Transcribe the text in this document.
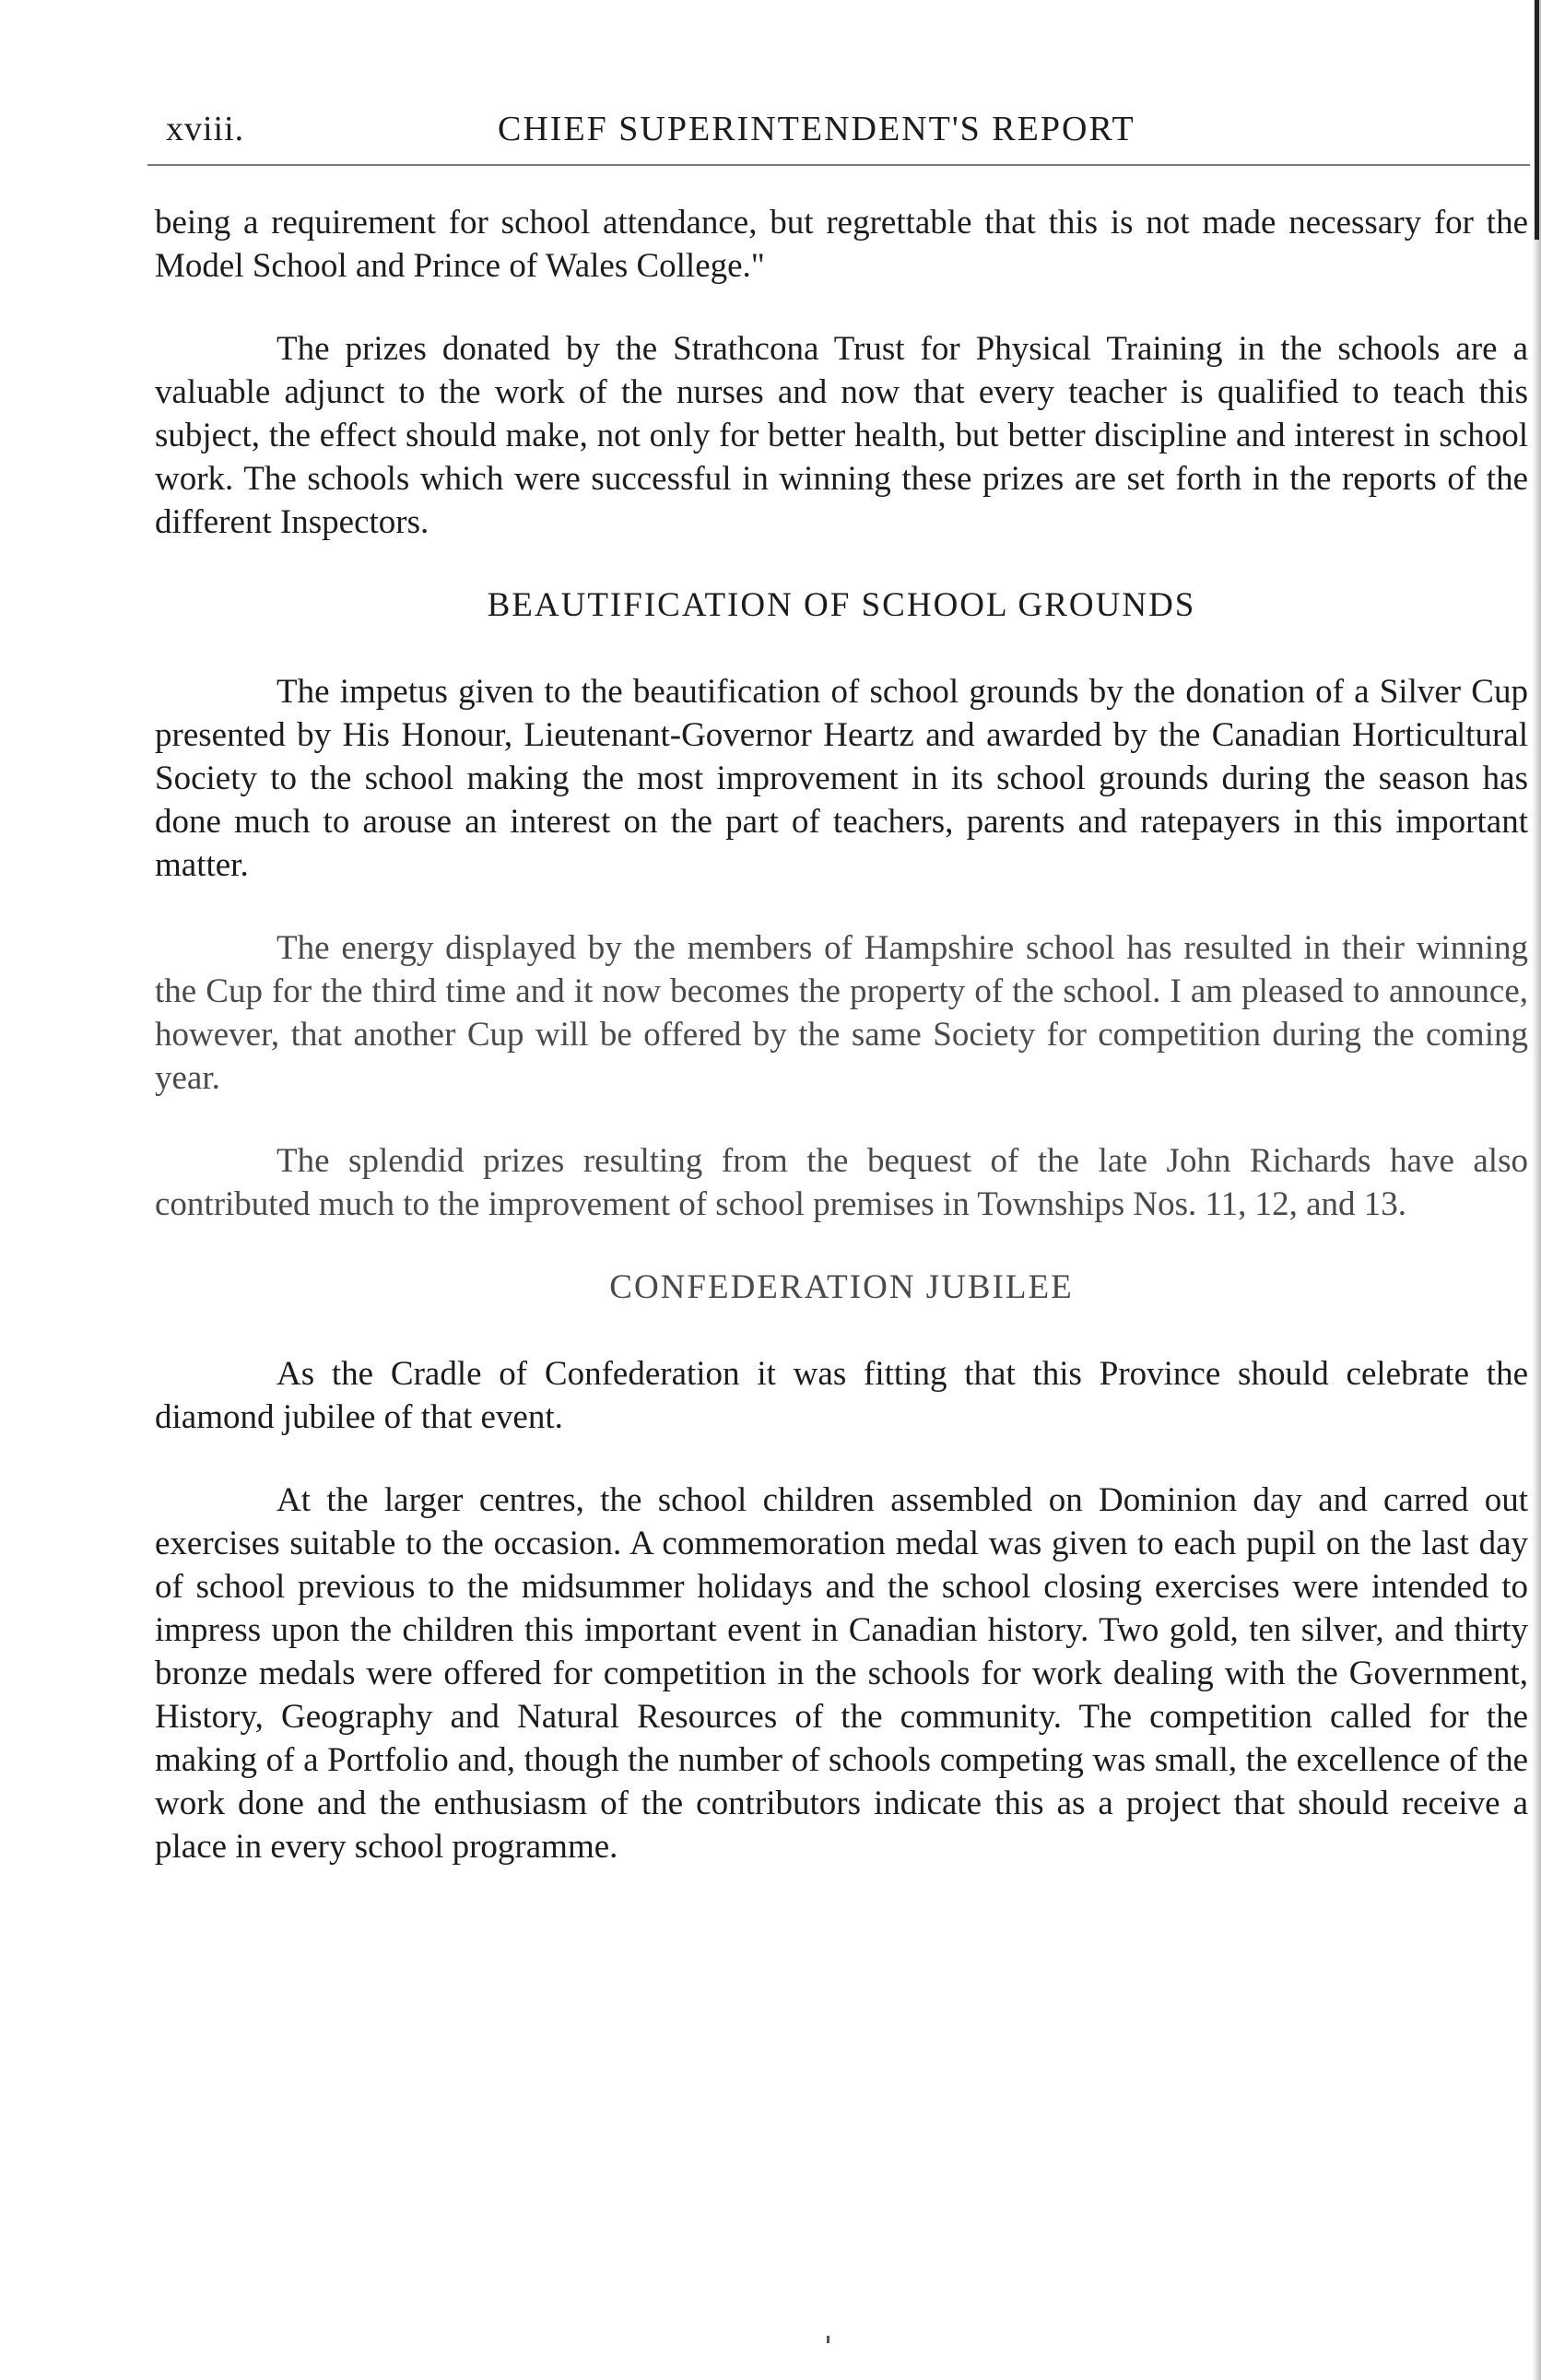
xviii.	CHIEF SUPERINTENDENT'S REPORT

being a requirement for school attendance, but regrettable that this is not made necessary for the Model School and Prince of Wales College."

The prizes donated by the Strathcona Trust for Physical Training in the schools are a valuable adjunct to the work of the nurses and now that every teacher is qualified to teach this subject, the effect should make, not only for better health, but better discipline and interest in school work. The schools which were successful in winning these prizes are set forth in the reports of the different Inspectors.

BEAUTIFICATION OF SCHOOL GROUNDS

The impetus given to the beautification of school grounds by the donation of a Silver Cup presented by His Honour, Lieutenant-Governor Heartz and awarded by the Canadian Horticultural Society to the school making the most improvement in its school grounds during the season has done much to arouse an interest on the part of teachers, parents and ratepayers in this important matter.

The energy displayed by the members of Hampshire school has resulted in their winning the Cup for the third time and it now becomes the property of the school. I am pleased to announce, however, that another Cup will be offered by the same Society for competition during the coming year.

The splendid prizes resulting from the bequest of the late John Richards have also contributed much to the improvement of school premises in Townships Nos. 11, 12, and 13.

CONFEDERATION JUBILEE

As the Cradle of Confederation it was fitting that this Province should celebrate the diamond jubilee of that event.

At the larger centres, the school children assembled on Dominion day and carred out exercises suitable to the occasion. A commemoration medal was given to each pupil on the last day of school previous to the midsummer holidays and the school closing exercises were intended to impress upon the children this important event in Canadian history. Two gold, ten silver, and thirty bronze medals were offered for competition in the schools for work dealing with the Government, History, Geography and Natural Resources of the community. The competition called for the making of a Portfolio and, though the number of schools competing was small, the excellence of the work done and the enthusiasm of the contributors indicate this as a project that should receive a place in every school programme.
